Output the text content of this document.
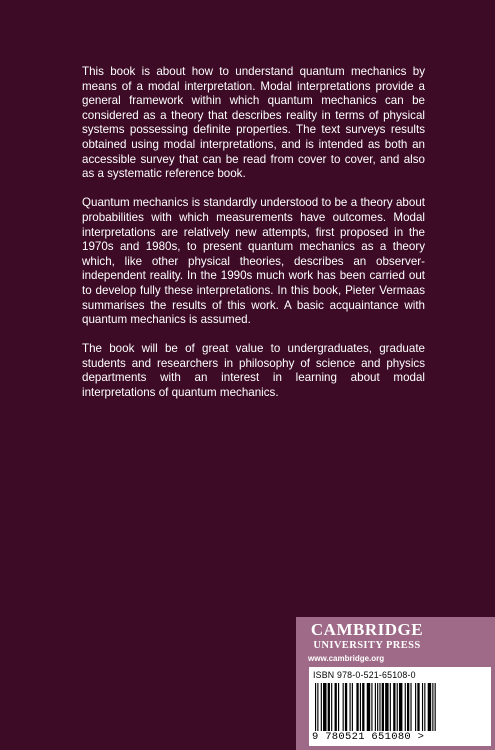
This book is about how to understand quantum mechanics by means of a modal interpretation. Modal interpretations provide a general framework within which quantum mechanics can be considered as a theory that describes reality in terms of physical systems possessing definite properties. The text surveys results obtained using modal interpretations, and is intended as both an accessible survey that can be read from cover to cover, and also as a systematic reference book.

Quantum mechanics is standardly understood to be a theory about probabilities with which measurements have outcomes. Modal interpretations are relatively new attempts, first proposed in the 1970s and 1980s, to present quantum mechanics as a theory which, like other physical theories, describes an observer-independent reality. In the 1990s much work has been carried out to develop fully these interpretations. In this book, Pieter Vermaas summarises the results of this work. A basic acquaintance with quantum mechanics is assumed.

The book will be of great value to undergraduates, graduate students and researchers in philosophy of science and physics departments with an interest in learning about modal interpretations of quantum mechanics.

CAMBRIDGE
UNIVERSITY PRESS
www.cambridge.org
ISBN 978-0-521-65108-0
9 780521 651080 >
